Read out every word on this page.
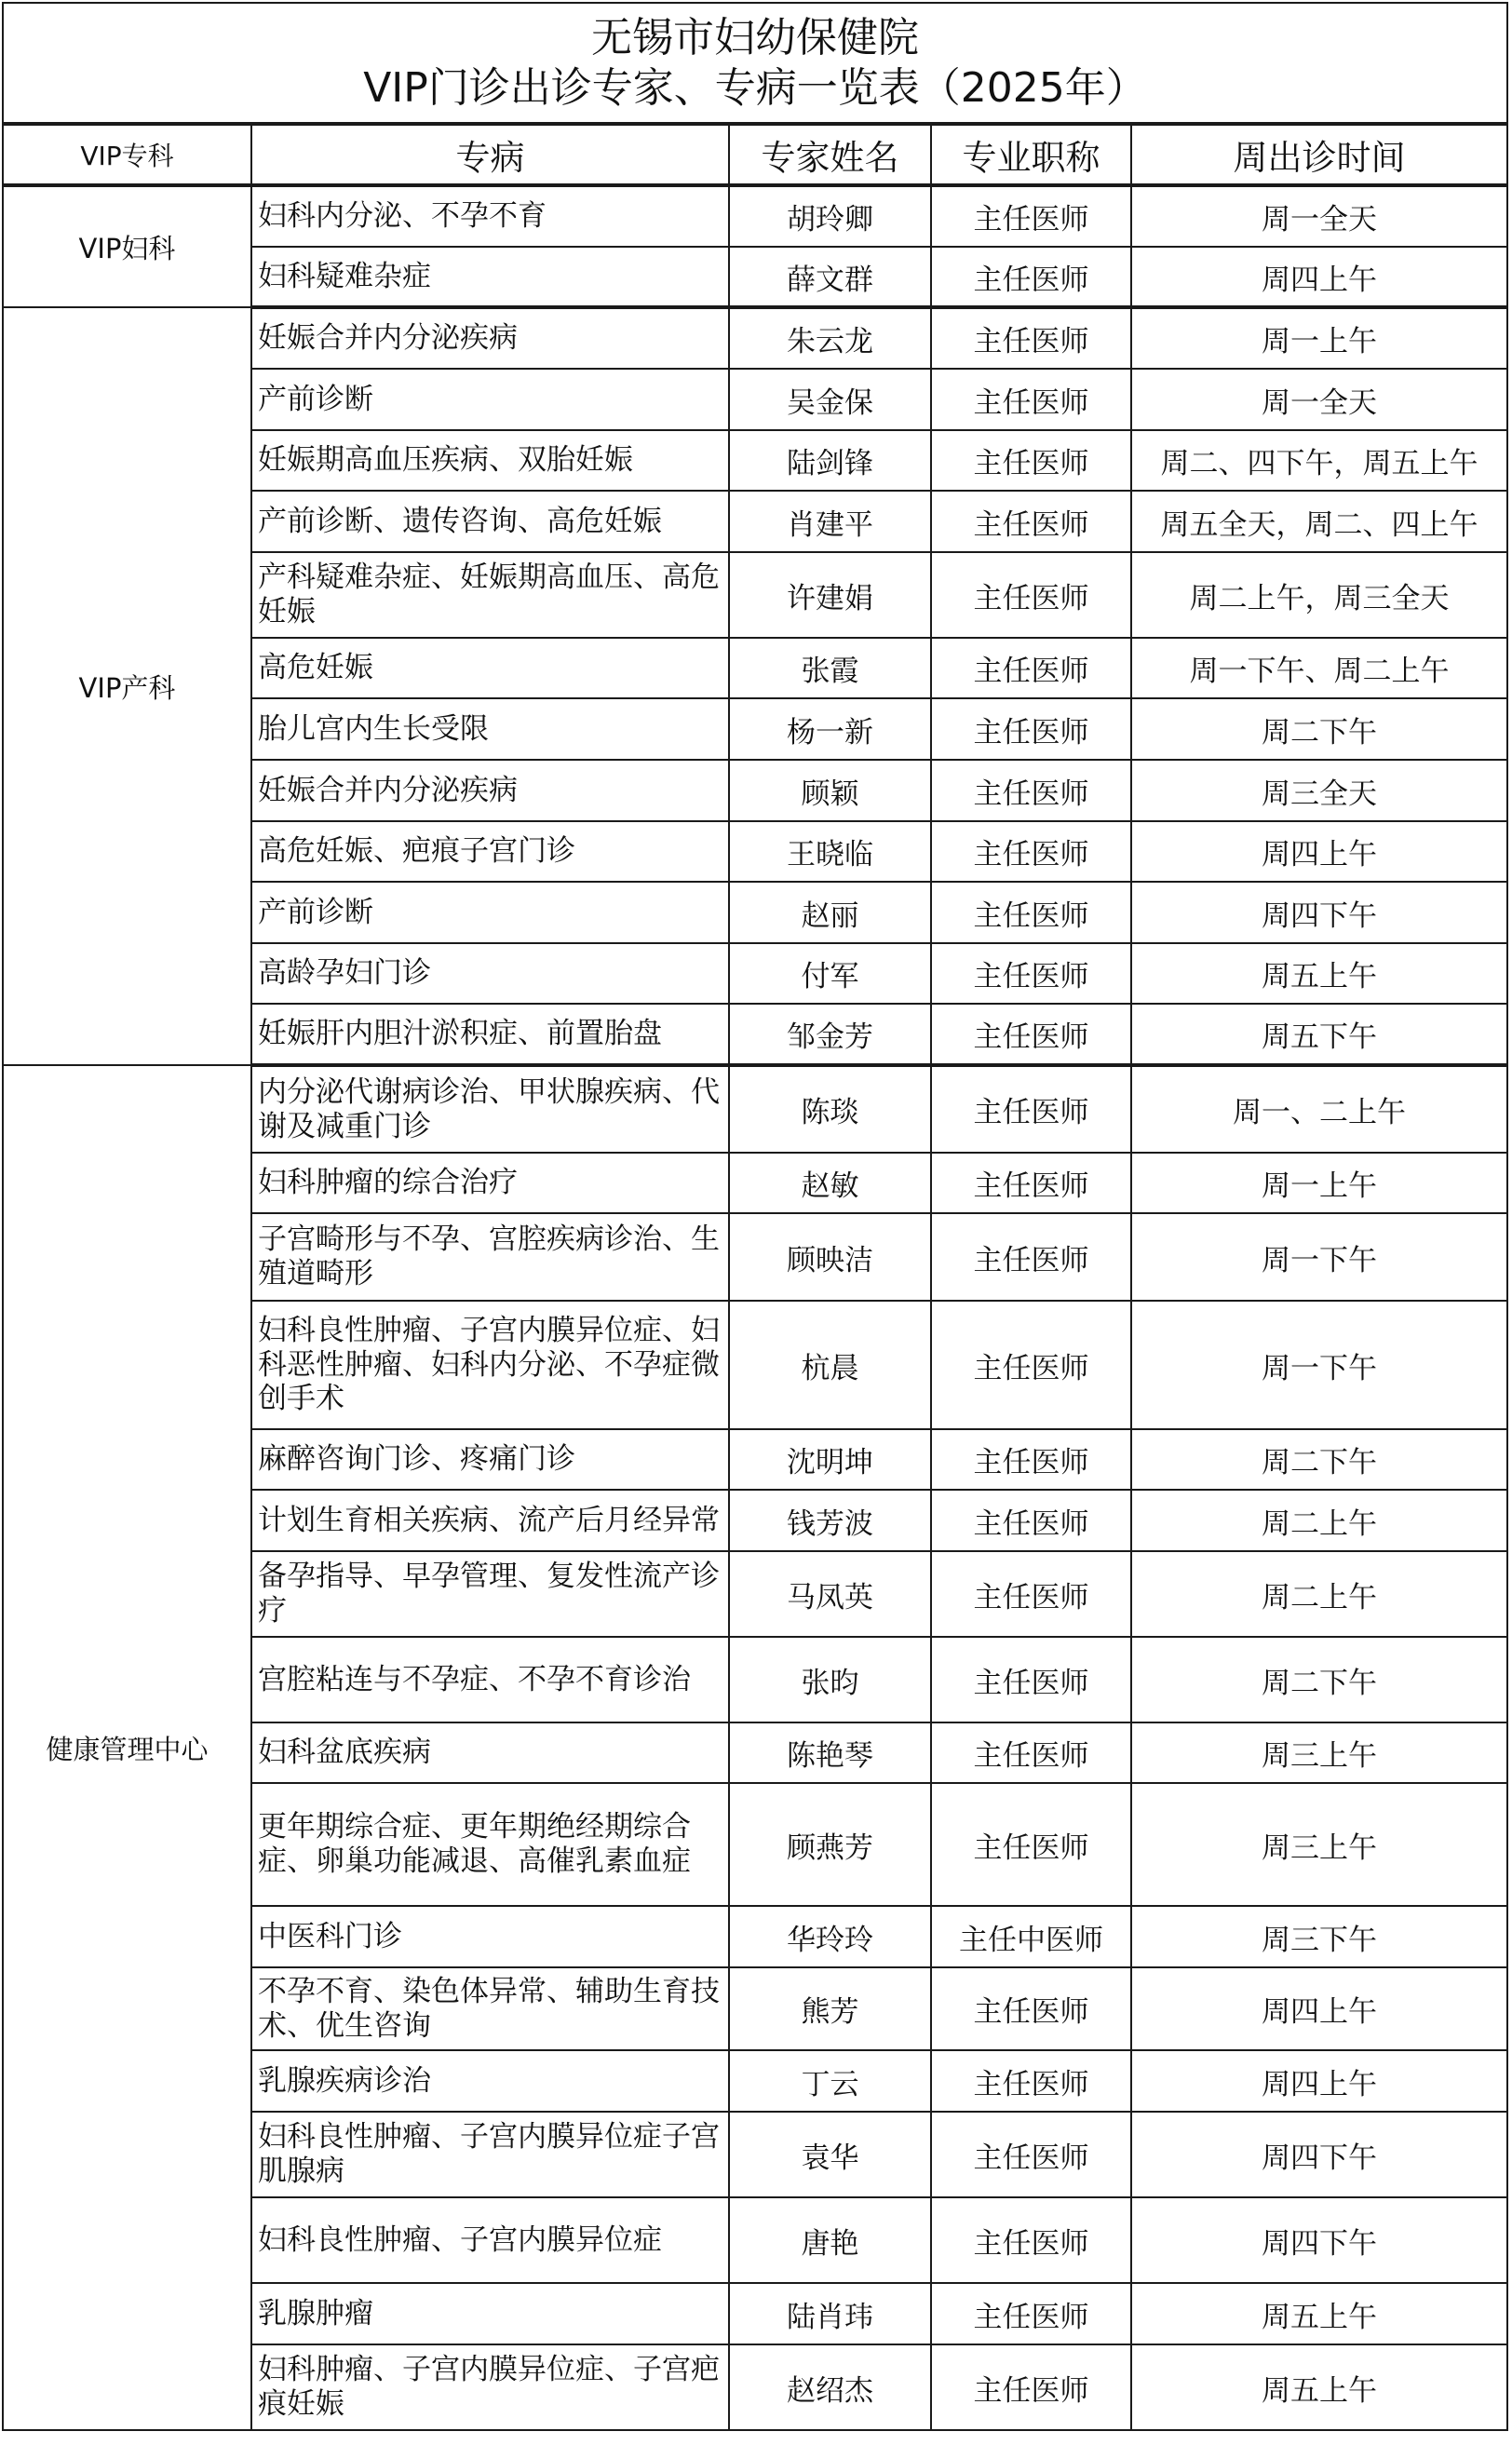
无锡市妇幼保健院
VIP门诊出诊专家、专病一览表（2025年）				

VIP专科	专病	专家姓名	专业职称	周出诊时间
VIP妇科	妇科内分泌、不孕不育	胡玲卿	主任医师	周一全天
	妇科疑难杂症	薛文群	主任医师	周四上午
VIP产科	妊娠合并内分泌疾病	朱云龙	主任医师	周一上午
	产前诊断	吴金保	主任医师	周一全天
	妊娠期高血压疾病、双胎妊娠	陆剑锋	主任医师	周二、四下午，周五上午
	产前诊断、遗传咨询、高危妊娠	肖建平	主任医师	周五全天，周二、四上午
	产科疑难杂症、妊娠期高血压、高危妊娠	许建娟	主任医师	周二上午，周三全天
	高危妊娠	张霞	主任医师	周一下午、周二上午
	胎儿宫内生长受限	杨一新	主任医师	周二下午
	妊娠合并内分泌疾病	顾颖	主任医师	周三全天
	高危妊娠、疤痕子宫门诊	王晓临	主任医师	周四上午
	产前诊断	赵丽	主任医师	周四下午
	高龄孕妇门诊	付军	主任医师	周五上午
	妊娠肝内胆汁淤积症、前置胎盘	邹金芳	主任医师	周五下午
健康管理中心	内分泌代谢病诊治、甲状腺疾病、代谢及减重门诊	陈琰	主任医师	周一、二上午
	妇科肿瘤的综合治疗	赵敏	主任医师	周一上午
	子宫畸形与不孕、宫腔疾病诊治、生殖道畸形	顾映洁	主任医师	周一下午
	妇科良性肿瘤、子宫内膜异位症、妇科恶性肿瘤、妇科内分泌、不孕症微创手术	杭晨	主任医师	周一下午
	麻醉咨询门诊、疼痛门诊	沈明坤	主任医师	周二下午
	计划生育相关疾病、流产后月经异常	钱芳波	主任医师	周二上午
	备孕指导、早孕管理、复发性流产诊疗	马凤英	主任医师	周二上午
	宫腔粘连与不孕症、不孕不育诊治	张昀	主任医师	周二下午
	妇科盆底疾病	陈艳琴	主任医师	周三上午
	更年期综合症、更年期绝经期综合症、卵巢功能减退、高催乳素血症	顾燕芳	主任医师	周三上午
	中医科门诊	华玲玲	主任中医师	周三下午
	不孕不育、染色体异常、辅助生育技术、优生咨询	熊芳	主任医师	周四上午
	乳腺疾病诊治	丁云	主任医师	周四上午
	妇科良性肿瘤、子宫内膜异位症子宫肌腺病	袁华	主任医师	周四下午
	妇科良性肿瘤、子宫内膜异位症	唐艳	主任医师	周四下午
	乳腺肿瘤	陆肖玮	主任医师	周五上午
	妇科肿瘤、子宫内膜异位症、子宫疤痕妊娠	赵绍杰	主任医师	周五上午
